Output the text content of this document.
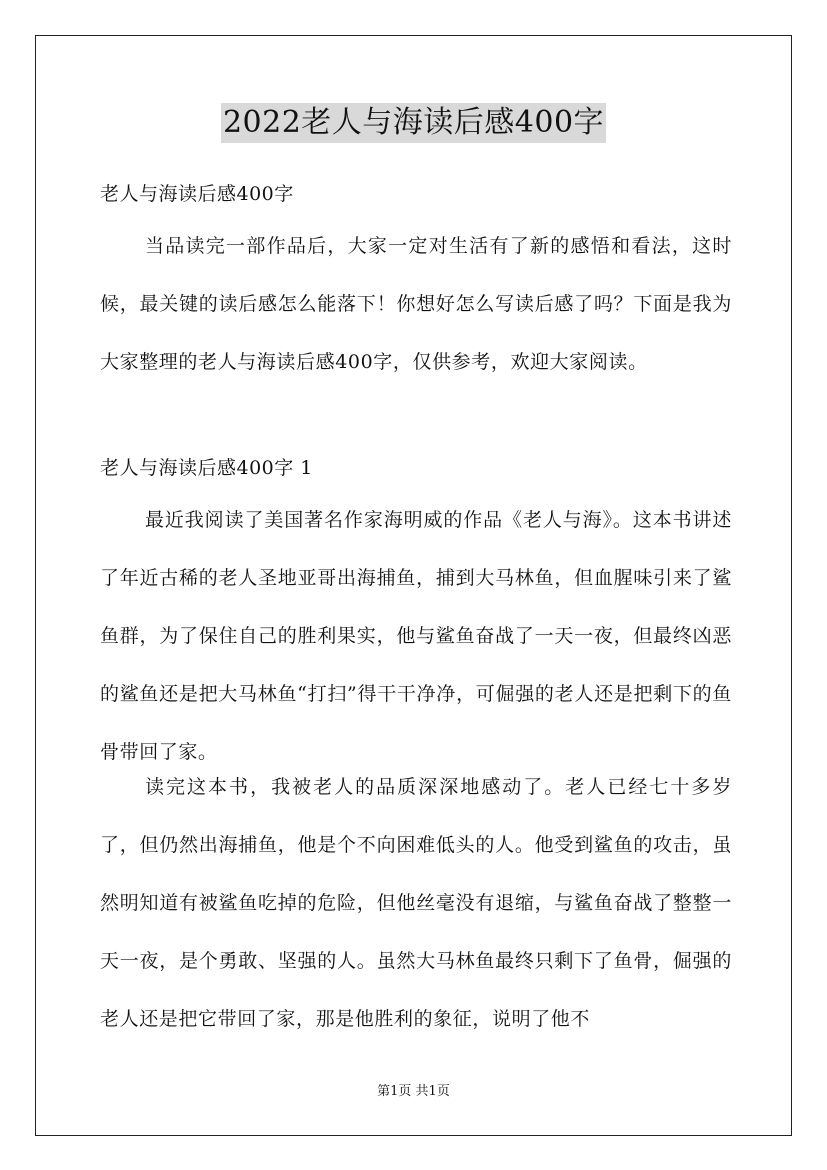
2022老人与海读后感400字
老人与海读后感400字

当品读完一部作品后，大家一定对生活有了新的感悟和看法，这时候，最关键的读后感怎么能落下！你想好怎么写读后感了吗？下面是我为大家整理的老人与海读后感400字，仅供参考，欢迎大家阅读。

老人与海读后感400字 1

最近我阅读了美国著名作家海明威的作品《老人与海》。这本书讲述了年近古稀的老人圣地亚哥出海捕鱼，捕到大马林鱼，但血腥味引来了鲨鱼群，为了保住自己的胜利果实，他与鲨鱼奋战了一天一夜，但最终凶恶的鲨鱼还是把大马林鱼“打扫”得干干净净，可倔强的老人还是把剩下的鱼骨带回了家。

读完这本书，我被老人的品质深深地感动了。老人已经七十多岁了，但仍然出海捕鱼，他是个不向困难低头的人。他受到鲨鱼的攻击，虽然明知道有被鲨鱼吃掉的危险，但他丝毫没有退缩，与鲨鱼奋战了整整一天一夜，是个勇敢、坚强的人。虽然大马林鱼最终只剩下了鱼骨，倔强的老人还是把它带回了家，那是他胜利的象征，说明了他不

第1页 共1页
